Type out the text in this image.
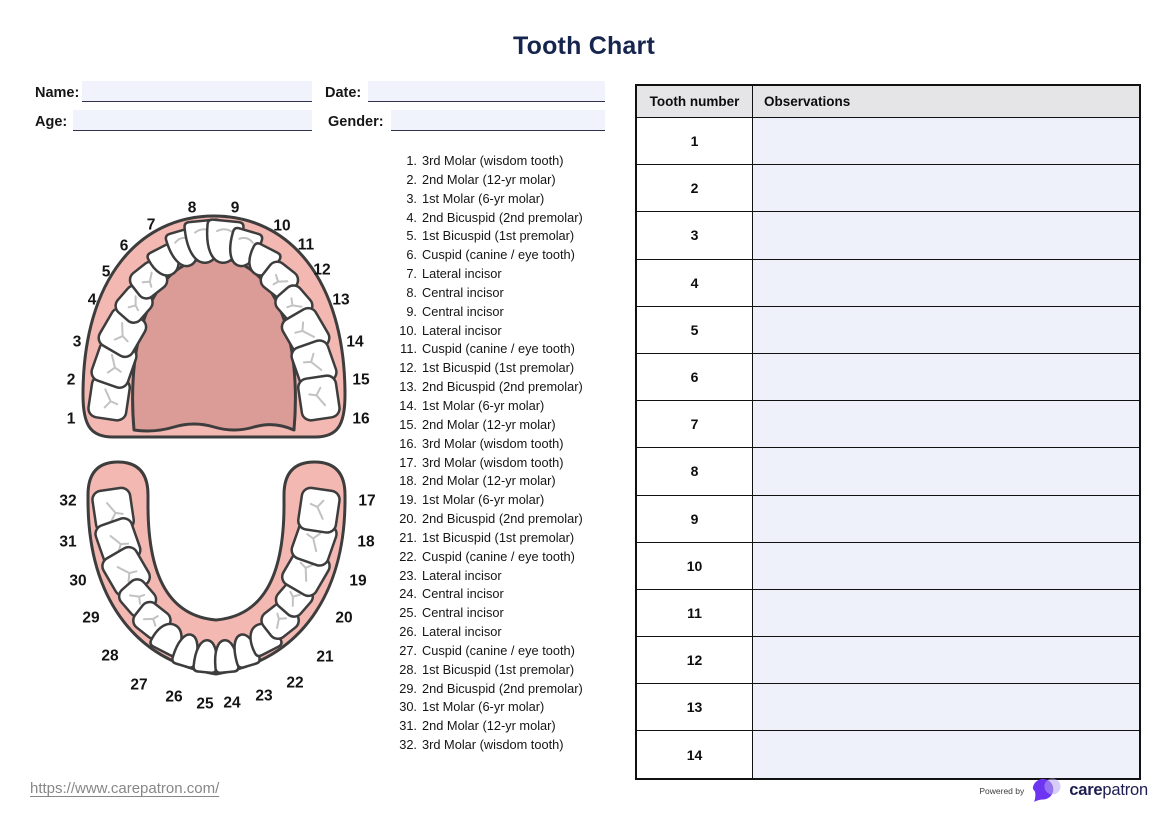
Tooth Chart
Name:	Date:
Age:	Gender:
1
2
3
4
5
6
7
8 9
10
11
12
13
14
15
16
32
31
30
29
28
27
26 25 24 23
22
21
20
19
18
17
1. 3rd Molar (wisdom tooth)
2. 2nd Molar (12-yr molar)
3. 1st Molar (6-yr molar)
4. 2nd Bicuspid (2nd premolar)
5. 1st Bicuspid (1st premolar)
6. Cuspid (canine / eye tooth)
7. Lateral incisor
8. Central incisor
9. Central incisor
10. Lateral incisor
11. Cuspid (canine / eye tooth)
12. 1st Bicuspid (1st premolar)
13. 2nd Bicuspid (2nd premolar)
14. 1st Molar (6-yr molar)
15. 2nd Molar (12-yr molar)
16. 3rd Molar (wisdom tooth)
17. 3rd Molar (wisdom tooth)
18. 2nd Molar (12-yr molar)
19. 1st Molar (6-yr molar)
20. 2nd Bicuspid (2nd premolar)
21. 1st Bicuspid (1st premolar)
22. Cuspid (canine / eye tooth)
23. Lateral incisor
24. Central incisor
25. Central incisor
26. Lateral incisor
27. Cuspid (canine / eye tooth)
28. 1st Bicuspid (1st premolar)
29. 2nd Bicuspid (2nd premolar)
30. 1st Molar (6-yr molar)
31. 2nd Molar (12-yr molar)
32. 3rd Molar (wisdom tooth)
Tooth number	Observations
1	
2	
3	
4	
5	
6	
7	
8	
9	
10	
11	
12	
13	
14	
https://www.carepatron.com/	Powered by	carepatron
